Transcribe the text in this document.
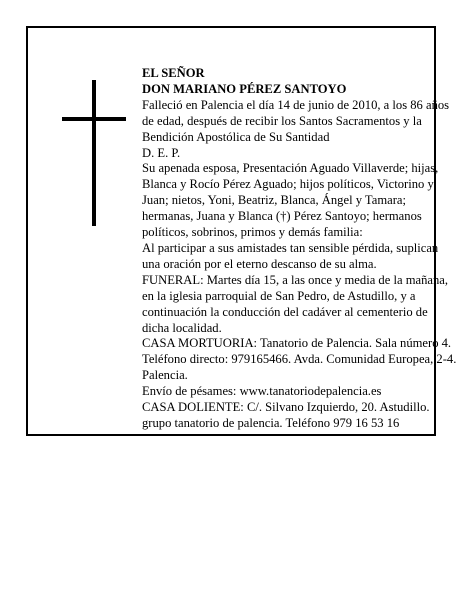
EL SEÑOR

DON MARIANO PÉREZ SANTOYO

Falleció en Palencia el día 14 de junio de 2010, a los 86 años de edad, después de recibir los Santos Sacramentos y la Bendición Apostólica de Su Santidad

D. E. P.

Su apenada esposa, Presentación Aguado Villaverde; hijas, Blanca y Rocío Pérez Aguado; hijos políticos, Victorino y Juan; nietos, Yoni, Beatriz, Blanca, Ángel y Tamara; hermanas, Juana y Blanca (†) Pérez Santoyo; hermanos políticos, sobrinos, primos y demás familia:

Al participar a sus amistades tan sensible pérdida, suplican una oración por el eterno descanso de su alma.

FUNERAL: Martes día 15, a las once y media de la mañana, en la iglesia parroquial de San Pedro, de Astudillo, y a continuación la conducción del cadáver al cementerio de dicha localidad.

CASA MORTUORIA: Tanatorio de Palencia. Sala número 4. Teléfono directo: 979165466. Avda. Comunidad Europea, 2-4. Palencia.

Envío de pésames: www.tanatoriodepalencia.es

CASA DOLIENTE: C/. Silvano Izquierdo, 20. Astudillo.

grupo tanatorio de palencia. Teléfono 979 16 53 16
